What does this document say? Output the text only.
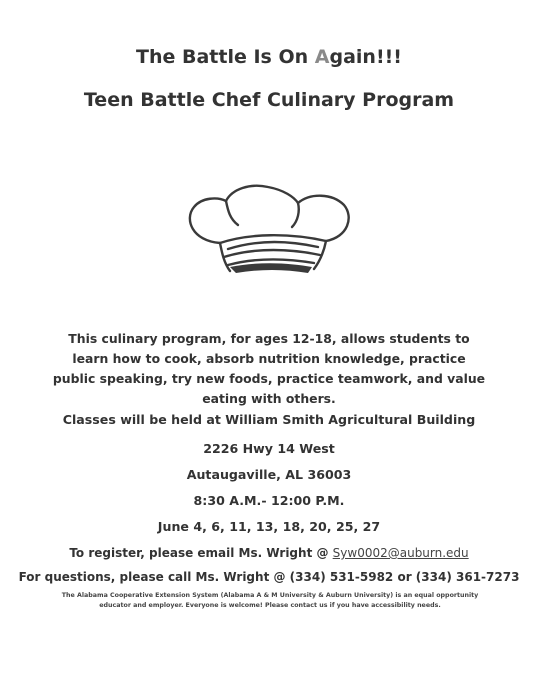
The Battle Is On Again!!!
Teen Battle Chef Culinary Program
This culinary program, for ages 12-18, allows students to learn how to cook, absorb nutrition knowledge, practice public speaking, try new foods, practice teamwork, and value eating with others.
Classes will be held at William Smith Agricultural Building
2226 Hwy 14 West
Autaugaville, AL 36003
8:30 A.M.- 12:00 P.M.
June 4, 6, 11, 13, 18, 20, 25, 27
To register, please email Ms. Wright @ Syw0002@auburn.edu
For questions, please call Ms. Wright @ (334) 531-5982 or (334) 361-7273
The Alabama Cooperative Extension System (Alabama A & M University & Auburn University) is an equal opportunity educator and employer. Everyone is welcome! Please contact us if you have accessibility needs.
